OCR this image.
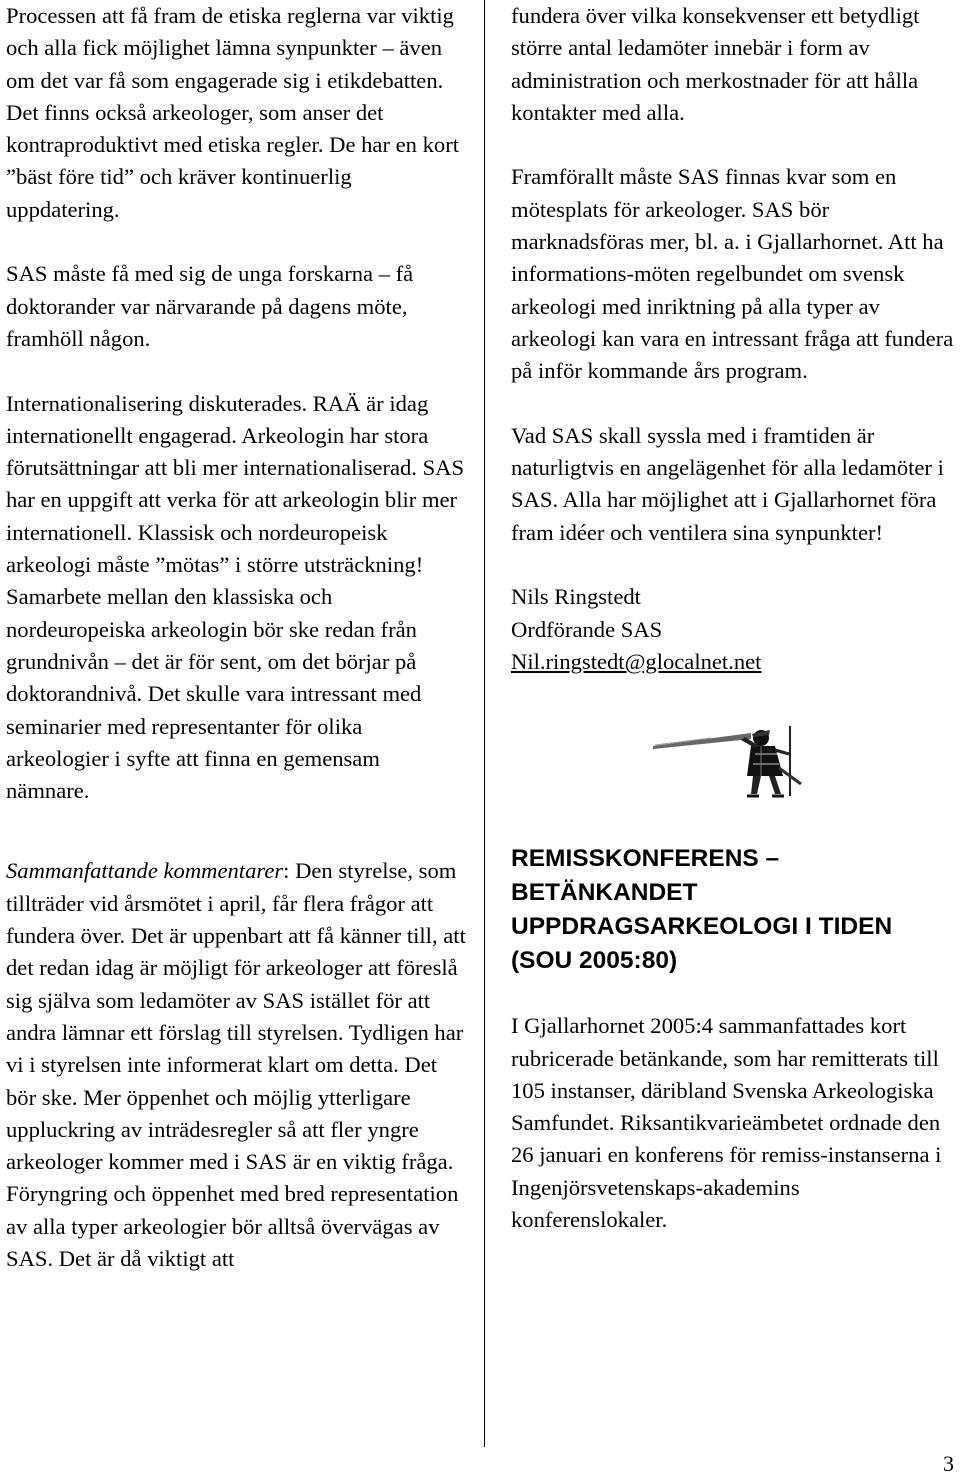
Processen att få fram de etiska reglerna var viktig och alla fick möjlighet lämna synpunkter – även om det var få som engagerade sig i etikdebatten. Det finns också arkeologer, som anser det kontraproduktivt med etiska regler. De har en kort ”bäst före tid” och kräver kontinuerlig uppdatering.

SAS måste få med sig de unga forskarna – få doktorander var närvarande på dagens möte, framhöll någon.

Internationalisering diskuterades. RAÄ är idag internationellt engagerad. Arkeologin har stora förutsättningar att bli mer internationaliserad. SAS har en uppgift att verka för att arkeologin blir mer internationell. Klassisk och nordeuropeisk arkeologi måste ”mötas” i större utsträckning! Samarbete mellan den klassiska och nordeuropeiska arkeologin bör ske redan från grundnivån – det är för sent, om det börjar på doktorandnivå. Det skulle vara intressant med seminarier med representanter för olika arkeologier i syfte att finna en gemensam nämnare.

Sammanfattande kommentarer: Den styrelse, som tillträder vid årsmötet i april, får flera frågor att fundera över. Det är uppenbart att få känner till, att det redan idag är möjligt för arkeologer att föreslå sig själva som ledamöter av SAS istället för att andra lämnar ett förslag till styrelsen. Tydligen har vi i styrelsen inte informerat klart om detta. Det bör ske. Mer öppenhet och möjlig ytterligare uppluckring av inträdesregler så att fler yngre arkeologer kommer med i SAS är en viktig fråga. Föryngring och öppenhet med bred representation av alla typer arkeologier bör alltså övervägas av SAS. Det är då viktigt att

fundera över vilka konsekvenser ett betydligt större antal ledamöter innebär i form av administration och merkostnader för att hålla kontakter med alla.

Framförallt måste SAS finnas kvar som en mötesplats för arkeologer. SAS bör marknadsföras mer, bl. a. i Gjallarhornet. Att ha informations-möten regelbundet om svensk arkeologi med inriktning på alla typer av arkeologi kan vara en intressant fråga att fundera på inför kommande års program.

Vad SAS skall syssla med i framtiden är naturligtvis en angelägenhet för alla ledamöter i SAS. Alla har möjlighet att i Gjallarhornet föra fram idéer och ventilera sina synpunkter!

Nils Ringstedt
Ordförande SAS
Nil.ringstedt@glocalnet.net

REMISSKONFERENS – BETÄNKANDET UPPDRAGSARKEOLOGI I TIDEN (SOU 2005:80)

I Gjallarhornet 2005:4 sammanfattades kort rubricerade betänkande, som har remitterats till 105 instanser, däribland Svenska Arkeologiska Samfundet. Riksantikvarieämbetet ordnade den 26 januari en konferens för remiss-instanserna i Ingenjörsvetenskaps-akademins konferenslokaler.

3
